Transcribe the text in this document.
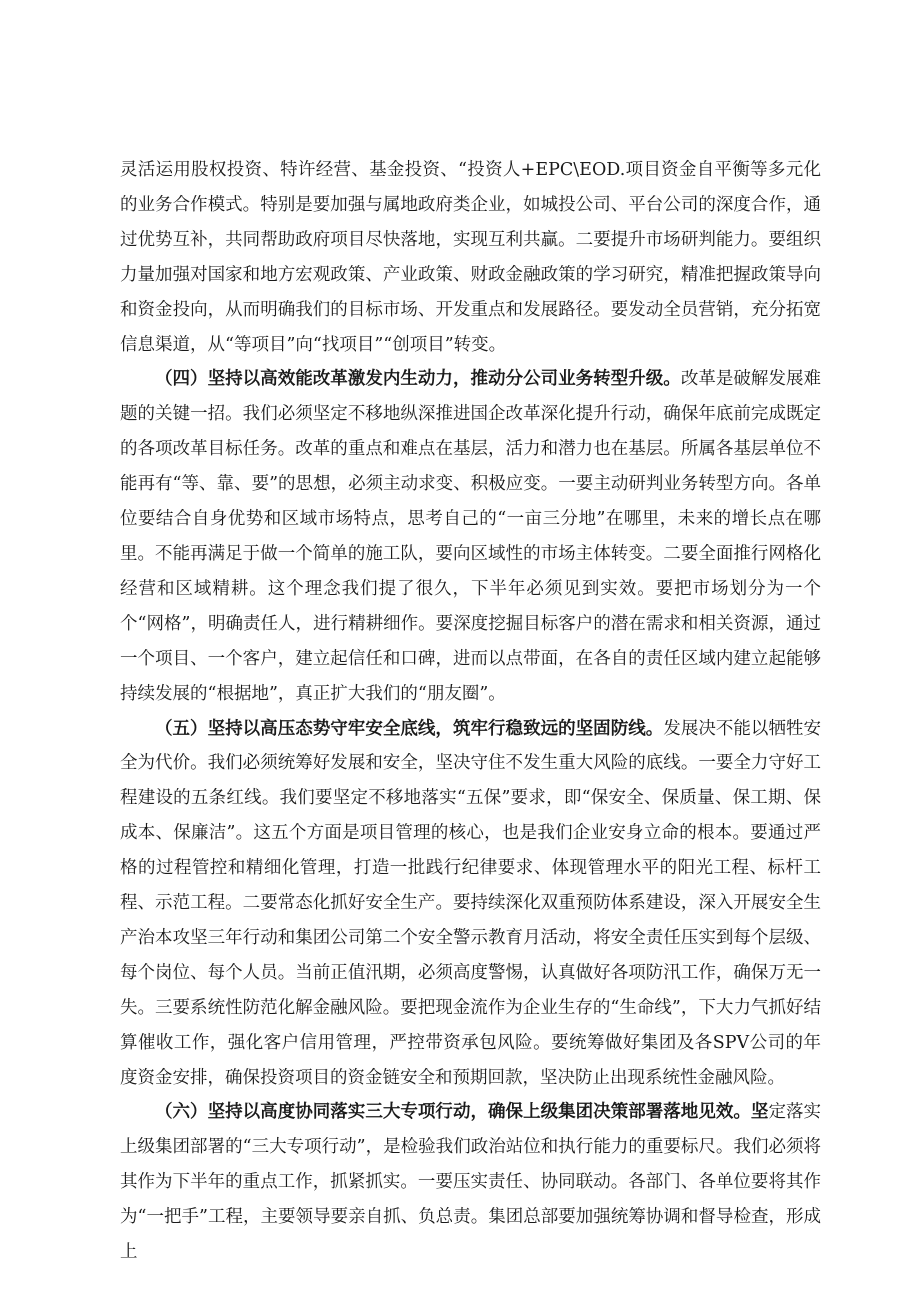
灵活运用股权投资、特许经营、基金投资、“投资人+EPC\EOD.项目资金自平衡等多元化的业务合作模式。特别是要加强与属地政府类企业，如城投公司、平台公司的深度合作，通过优势互补，共同帮助政府项目尽快落地，实现互利共赢。二要提升市场研判能力。要组织力量加强对国家和地方宏观政策、产业政策、财政金融政策的学习研究，精准把握政策导向和资金投向，从而明确我们的目标市场、开发重点和发展路径。要发动全员营销，充分拓宽信息渠道，从“等项目”向“找项目”“创项目”转变。

（四）坚持以高效能改革激发内生动力，推动分公司业务转型升级。改革是破解发展难题的关键一招。我们必须坚定不移地纵深推进国企改革深化提升行动，确保年底前完成既定的各项改革目标任务。改革的重点和难点在基层，活力和潜力也在基层。所属各基层单位不能再有“等、靠、要”的思想，必须主动求变、积极应变。一要主动研判业务转型方向。各单位要结合自身优势和区域市场特点，思考自己的“一亩三分地”在哪里，未来的增长点在哪里。不能再满足于做一个简单的施工队，要向区域性的市场主体转变。二要全面推行网格化经营和区域精耕。这个理念我们提了很久，下半年必须见到实效。要把市场划分为一个个“网格”，明确责任人，进行精耕细作。要深度挖掘目标客户的潜在需求和相关资源，通过一个项目、一个客户，建立起信任和口碑，进而以点带面，在各自的责任区域内建立起能够持续发展的“根据地”，真正扩大我们的“朋友圈”。

（五）坚持以高压态势守牢安全底线，筑牢行稳致远的坚固防线。发展决不能以牺牲安全为代价。我们必须统筹好发展和安全，坚决守住不发生重大风险的底线。一要全力守好工程建设的五条红线。我们要坚定不移地落实“五保”要求，即“保安全、保质量、保工期、保成本、保廉洁”。这五个方面是项目管理的核心，也是我们企业安身立命的根本。要通过严格的过程管控和精细化管理，打造一批践行纪律要求、体现管理水平的阳光工程、标杆工程、示范工程。二要常态化抓好安全生产。要持续深化双重预防体系建设，深入开展安全生产治本攻坚三年行动和集团公司第二个安全警示教育月活动，将安全责任压实到每个层级、每个岗位、每个人员。当前正值汛期，必须高度警惕，认真做好各项防汛工作，确保万无一失。三要系统性防范化解金融风险。要把现金流作为企业生存的“生命线”，下大力气抓好结算催收工作，强化客户信用管理，严控带资承包风险。要统筹做好集团及各SPV公司的年度资金安排，确保投资项目的资金链安全和预期回款，坚决防止出现系统性金融风险。

（六）坚持以高度协同落实三大专项行动，确保上级集团决策部署落地见效。坚定落实上级集团部署的“三大专项行动”，是检验我们政治站位和执行能力的重要标尺。我们必须将其作为下半年的重点工作，抓紧抓实。一要压实责任、协同联动。各部门、各单位要将其作为“一把手”工程，主要领导要亲自抓、负总责。集团总部要加强统筹协调和督导检查，形成上
